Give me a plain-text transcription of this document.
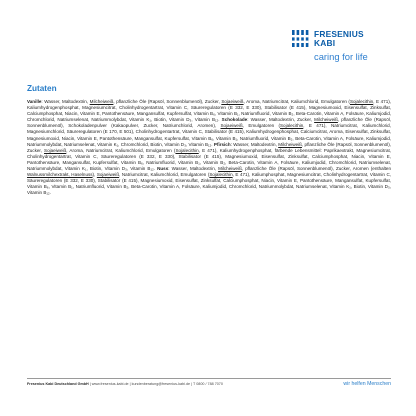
FRESENIUS
KABI
caring for life
Zutaten

Vanille: Wasser, Maltodextrin, Milcheiweiß, pflanzliche Öle (Rapsöl, Sonnenblumenöl), Zucker, Sojaeiweiß, Aroma, Natriumcitrat, Kaliumchlorid, Emulgatoren (Sojalecithin, E 471), Kaliumhydrogenphosphat, Magnesiumcitrat, Cholinhydrogentartrat, Vitamin C, Säureregulatoren (E 332, E 330), Stabilisator (E 415), Magnesiumoxid, Eisensulfat, Zinksulfat, Calciumphosphat, Niacin, Vitamin E, Pantothensäure, Mangansulfat, Kupfersulfat, Vitamin B₆, Vitamin B₁, Natriumfluorid, Vitamin B₂, Beta-Carotin, Vitamin A, Folsäure, Kaliumjodid, Chromchlorid, Natriumselenat, Natriummolybdat, Vitamin K₁, Biotin, Vitamin D₃, Vitamin B₁₂. Schokolade: Wasser, Maltodextrin, Zucker, Milcheiweiß, pflanzliche Öle (Rapsöl, Sonnenblumenöl), Schokoladenpulver (Kakaopulver, Zucker, Natriumchlorid, Aromen), Sojaeiweiß, Emulgatoren (Sojalecithin, E 471), Natriumcitrat, Kaliumchlorid, Magnesiumchlorid, Säureregulatoren (E 170, E 501), Cholinhydrogentartrat, Vitamin C, Stabilisator (E 415), Kaliumhydrogenphosphat, Calciumcitrat, Aroma, Eisensulfat, Zinksulfat, Magnesiumoxid, Niacin, Vitamin E, Pantothensäure, Mangansulfat, Kupfersulfat, Vitamin B₆, Vitamin B₁, Natriumfluorid, Vitamin B₂, Beta-Carotin, Vitamin A, Folsäure, Kaliumjodid, Natriummolybdat, Natriumselenat, Vitamin K₁, Chromchlorid, Biotin, Vitamin D₃, Vitamin B₁₂. Pfirsich: Wasser, Maltodextrin, Milcheiweiß, pflanzliche Öle (Rapsöl, Sonnenblumenöl), Zucker, Sojaeiweiß, Aroma, Natriumcitrat, Kaliumchlorid, Emulgatoren (Sojalecithin, E 471), Kaliumhydrogenphosphat, färbende Lebensmittel: Paprikaextrakt, Magnesiumcitrat, Cholinhydrogentartrat, Vitamin C, Säureregulatoren (E 332, E 330), Stabilisator (E 415), Magnesiumoxid, Eisensulfat, Zinksulfat, Calciumphosphat, Niacin, Vitamin E, Pantothensäure, Mangansulfat, Kupfersulfat, Vitamin B₆, Natriumfluorid, Vitamin B₁, Vitamin B₂, Beta-Carotin, Vitamin A, Folsäure, Kaliumjodid, Chromchlorid, Natriumselenat, Natriummolybdat, Vitamin K₁, Biotin, Vitamin D₃, Vitamin B₁₂. Nuss: Wasser, Maltodextrin, Milcheiweiß, pflanzliche Öle (Rapsöl, Sonnenblumenöl), Zucker, Aromen (enthalten Walnussmilchextrakt, Haselnuss), Sojaeiweiß, Natriumcitrat, Kaliumchlorid, Emulgatoren (Sojalecithin, E 471), Kaliumphosphat, Magnesiumcitrat, Cholinhydrogentartrat, Vitamin C, Säureregulatoren (E 332, E 330), Stabilisator (E 415), Magnesiumoxid, Eisensulfat, Zinksulfat, Calciumphosphat, Niacin, Vitamin E, Pantothensäure, Mangansulfat, Kupfersulfat, Vitamin B₆, Vitamin B₁, Natriumfluorid, Vitamin B₂, Beta-Carotin, Vitamin A, Folsäure, Kaliumjodid, Chromchlorid, Natriummolybdat, Natriumselenat, Vitamin K₁, Biotin, Vitamin D₃, Vitamin B₁₂.

Fresenius Kabi Deutschland GmbH | www.fresenius-kabi.de | kundenberatung@fresenius-kabi.de | T 0800 / 788 7070	wir helfen Menschen
